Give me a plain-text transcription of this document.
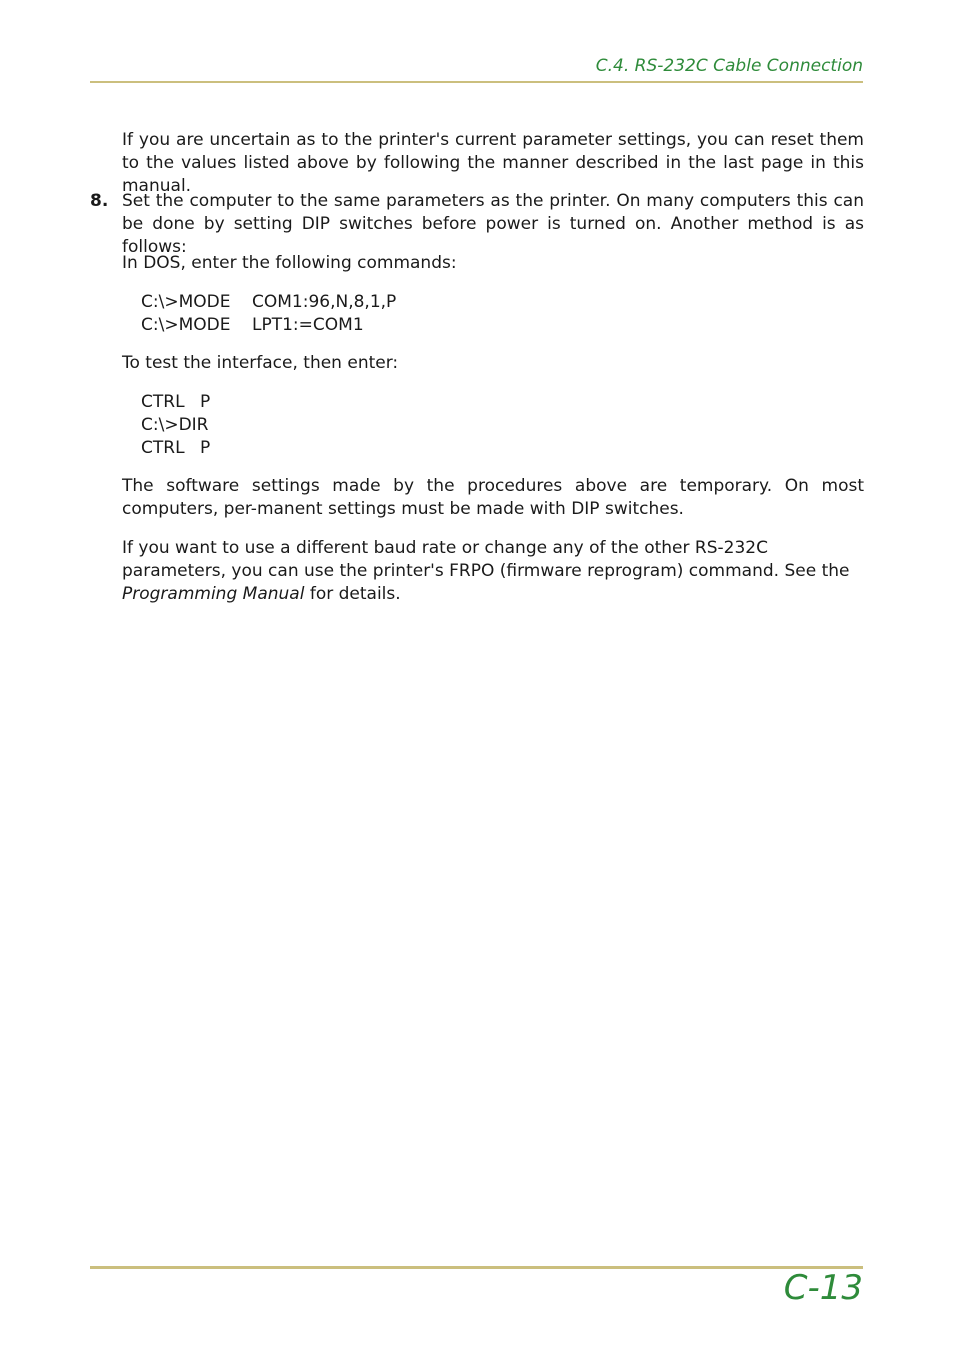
C.4. RS-232C Cable Connection

If you are uncertain as to the printer's current parameter settings, you can reset them to the values listed above by following the manner described in the last page in this manual.

8. Set the computer to the same parameters as the printer. On many computers this can be done by setting DIP switches before power is turned on. Another method is as follows:

In DOS, enter the following commands:

C:\>MODE COM1:96,N,8,1,P
C:\>MODE LPT1:=COM1

To test the interface, then enter:

CTRL P
C:\>DIR
CTRL P

The software settings made by the procedures above are temporary. On most computers, per-manent settings must be made with DIP switches.

If you want to use a different baud rate or change any of the other RS-232C parameters, you can use the printer's FRPO (firmware reprogram) command. See the Programming Manual for details.

C-13
